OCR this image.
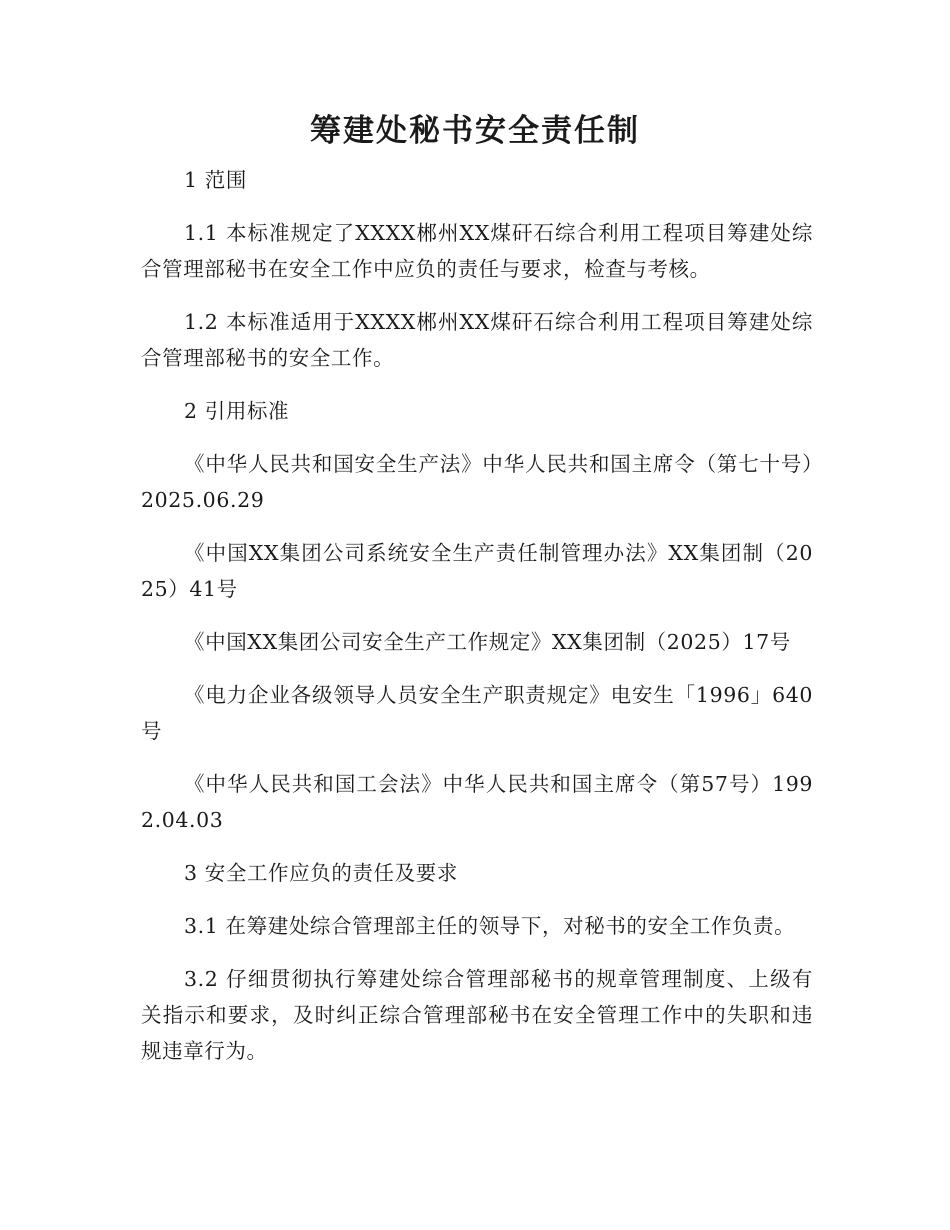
筹建处秘书安全责任制

1 范围

1.1 本标准规定了XXXX郴州XX煤矸石综合利用工程项目筹建处综合管理部秘书在安全工作中应负的责任与要求，检查与考核。

1.2 本标准适用于XXXX郴州XX煤矸石综合利用工程项目筹建处综合管理部秘书的安全工作。

2 引用标准

《中华人民共和国安全生产法》中华人民共和国主席令（第七十号）2025.06.29

《中国XX集团公司系统安全生产责任制管理办法》XX集团制（2025）41号

《中国XX集团公司安全生产工作规定》XX集团制（2025）17号

《电力企业各级领导人员安全生产职责规定》电安生「1996」640号

《中华人民共和国工会法》中华人民共和国主席令（第57号）1992.04.03

3 安全工作应负的责任及要求

3.1 在筹建处综合管理部主任的领导下，对秘书的安全工作负责。

3.2 仔细贯彻执行筹建处综合管理部秘书的规章管理制度、上级有关指示和要求，及时纠正综合管理部秘书在安全管理工作中的失职和违规违章行为。
